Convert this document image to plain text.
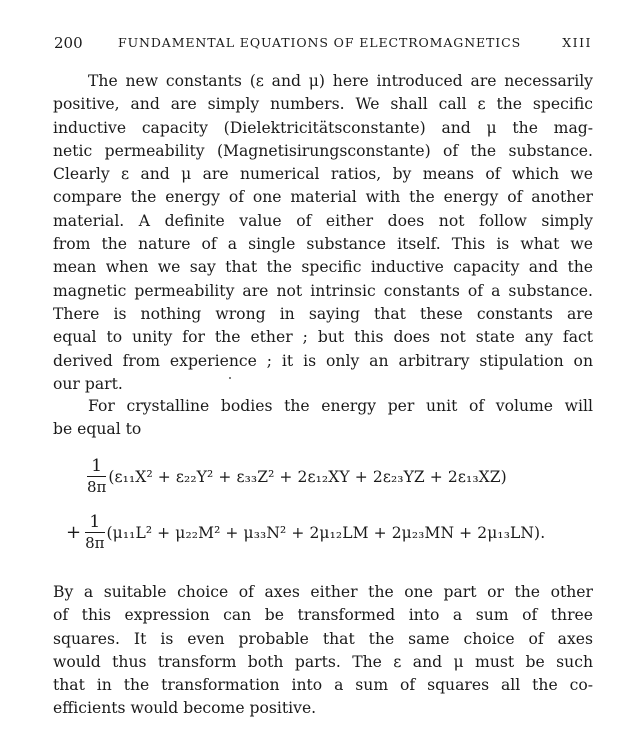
200	FUNDAMENTAL EQUATIONS OF ELECTROMAGNETICS	XIII
The new constants (ε and μ) here introduced are necessarily
positive, and are simply numbers. We shall call ε the specific
inductive capacity (Dielektricitätsconstante) and μ the mag-
netic permeability (Magnetisirungsconstante) of the substance.
Clearly ε and μ are numerical ratios, by means of which we
compare the energy of one material with the energy of another
material. A definite value of either does not follow simply
from the nature of a single substance itself. This is what we
mean when we say that the specific inductive capacity and the
magnetic permeability are not intrinsic constants of a substance.
There is nothing wrong in saying that these constants are
equal to unity for the ether ; but this does not state any fact
derived from experience ; it is only an arbitrary stipulation on
our part.
For crystalline bodies the energy per unit of volume will
be equal to
$\frac{1}{8\pi} (\varepsilon_{11}X^2 + \varepsilon_{22}Y^2 + \varepsilon_{33}Z^2 + 2\varepsilon_{12}XY + 2\varepsilon_{23}YZ + 2\varepsilon_{13}XZ)$
+ $\frac{1}{8\pi} (\mu_{11}L^2 + \mu_{22}M^2 + \mu_{33}N^2 + 2\mu_{12}LM + 2\mu_{23}MN + 2\mu_{13}LN)$.
By a suitable choice of axes either the one part or the other
of this expression can be transformed into a sum of three
squares. It is even probable that the same choice of axes
would thus transform both parts. The ε and μ must be such
that in the transformation into a sum of squares all the co-
efficients would become positive.
